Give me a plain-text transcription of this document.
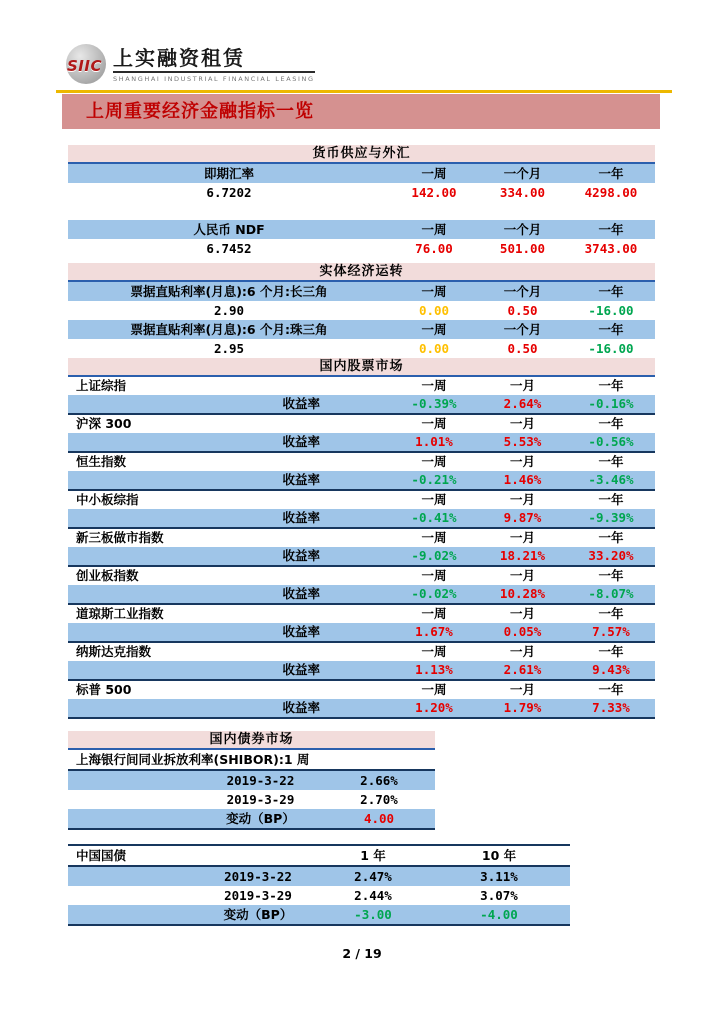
SIIC 上实融资租赁
SHANGHAI INDUSTRIAL FINANCIAL LEASING
上周重要经济金融指标一览
货币供应与外汇
即期汇率	一周	一个月	一年
6.7202	142.00	334.00	4298.00
人民币 NDF	一周	一个月	一年
6.7452	76.00	501.00	3743.00
实体经济运转
票据直贴利率(月息):6 个月:长三角	一周	一个月	一年
2.90	0.00	0.50	-16.00
票据直贴利率(月息):6 个月:珠三角	一周	一个月	一年
2.95	0.00	0.50	-16.00
国内股票市场
上证综指	一周	一月	一年
收益率	-0.39%	2.64%	-0.16%
沪深 300	一周	一月	一年
收益率	1.01%	5.53%	-0.56%
恒生指数	一周	一月	一年
收益率	-0.21%	1.46%	-3.46%
中小板综指	一周	一月	一年
收益率	-0.41%	9.87%	-9.39%
新三板做市指数	一周	一月	一年
收益率	-9.02%	18.21%	33.20%
创业板指数	一周	一月	一年
收益率	-0.02%	10.28%	-8.07%
道琼斯工业指数	一周	一月	一年
收益率	1.67%	0.05%	7.57%
纳斯达克指数	一周	一月	一年
收益率	1.13%	2.61%	9.43%
标普 500	一周	一月	一年
收益率	1.20%	1.79%	7.33%
国内债券市场
上海银行间同业拆放利率(SHIBOR):1 周
2019-3-22	2.66%
2019-3-29	2.70%
变动（BP）	4.00
中国国债	1 年	10 年
2019-3-22	2.47%	3.11%
2019-3-29	2.44%	3.07%
变动（BP）	-3.00	-4.00
2 / 19
